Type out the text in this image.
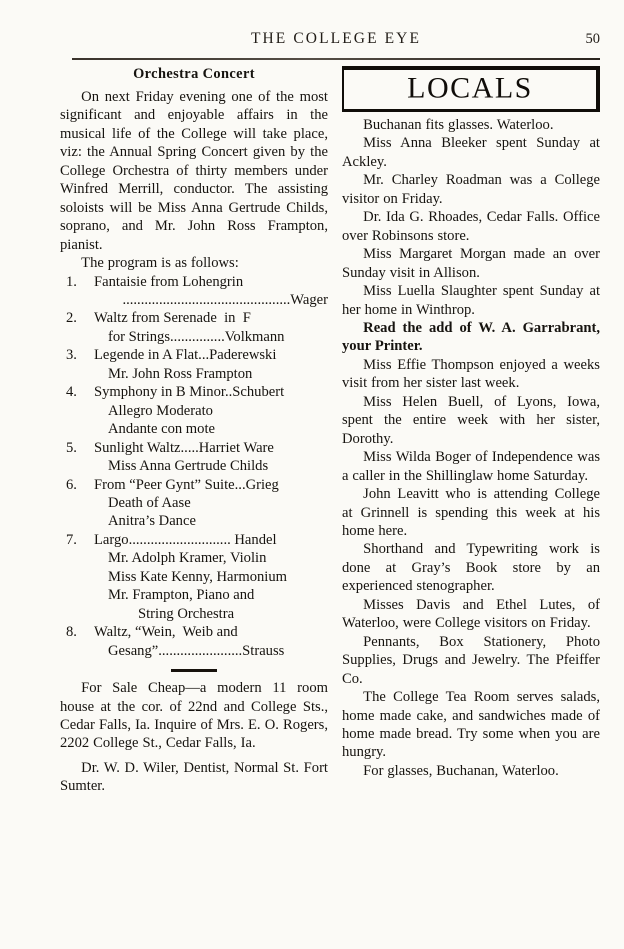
THE COLLEGE EYE	50
Orchestra Concert

On next Friday evening one of the most significant and enjoyable affairs in the musical life of the College will take place, viz: the Annual Spring Concert given by the College Orchestra of thirty members under Winfred Merrill, conductor. The assisting soloists will be Miss Anna Gertrude Childs, soprano, and Mr. John Ross Frampton, pianist.

The program is as follows:

1.	Fantaisie from Lohengrin
..............................................Wager
2.	Waltz from Serenade  in  F
for Strings...............Volkmann
3.	Legende in A Flat...Paderewski
Mr. John Ross Frampton
4.	Symphony in B Minor..Schubert
Allegro Moderato
Andante con mote
5.	Sunlight Waltz.....Harriet Ware
Miss Anna Gertrude Childs
6.	From “Peer Gynt” Suite...Grieg
Death of Aase
Anitra’s Dance
7.	Largo............................ Handel
Mr. Adolph Kramer, Violin
Miss Kate Kenny, Harmonium
Mr. Frampton, Piano and
String Orchestra
8.	Waltz, “Wein,  Weib and
Gesang”.......................Strauss

For Sale Cheap—a modern 11 room house at the cor. of 22nd and College Sts., Cedar Falls, Ia. Inquire of Mrs. E. O. Rogers, 2202 College St., Cedar Falls, Ia.

Dr. W. D. Wiler, Dentist, Normal St. Fort Sumter.

LOCALS

Buchanan fits glasses. Waterloo.

Miss Anna Bleeker spent Sunday at Ackley.

Mr. Charley Roadman was a College visitor on Friday.

Dr. Ida G. Rhoades, Cedar Falls. Office over Robinsons store.

Miss Margaret Morgan made an over Sunday visit in Allison.

Miss Luella Slaughter spent Sunday at her home in Winthrop.

Read the add of W. A. Garrabrant, your Printer.

Miss Effie Thompson enjoyed a weeks visit from her sister last week.

Miss Helen Buell, of Lyons, Iowa, spent the entire week with her sister, Dorothy.

Miss Wilda Boger of Independence was a caller in the Shillinglaw home Saturday.

John Leavitt who is attending College at Grinnell is spending this week at his home here.

Shorthand and Typewriting work is done at Gray’s Book store by an experienced stenographer.

Misses Davis and Ethel Lutes, of Waterloo, were College visitors on Friday.

Pennants, Box Stationery, Photo Supplies, Drugs and Jewelry. The Pfeiffer Co.

The College Tea Room serves salads, home made cake, and sandwiches made of home made bread. Try some when you are hungry.

For glasses, Buchanan, Waterloo.
